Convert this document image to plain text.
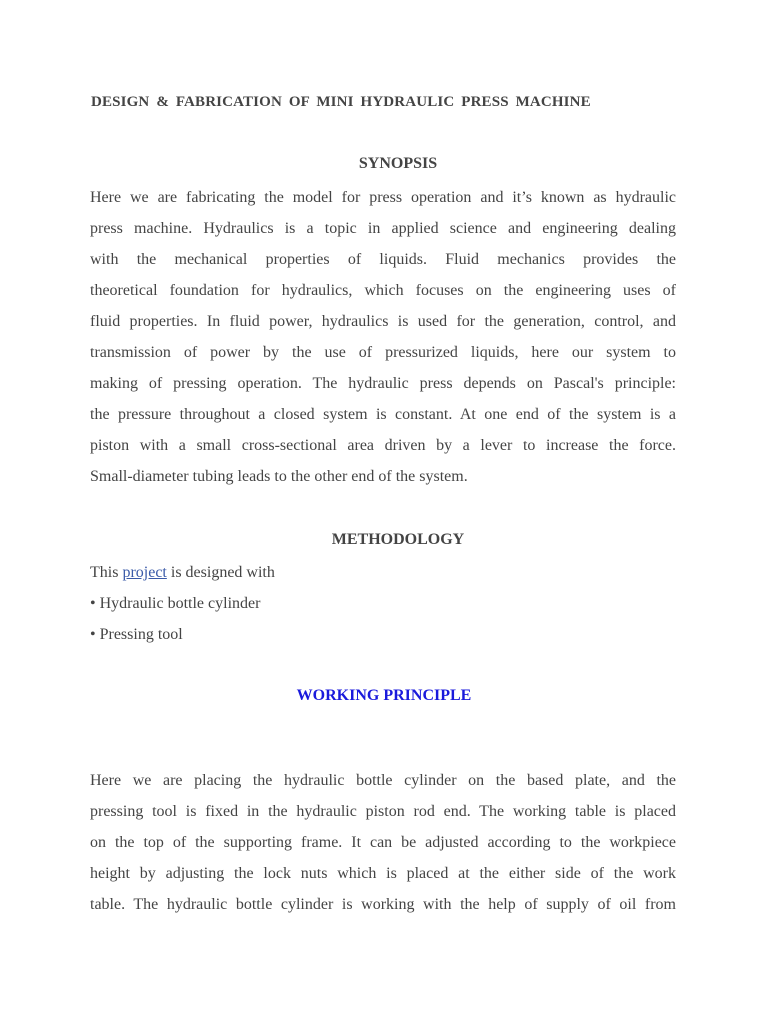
DESIGN & FABRICATION OF MINI HYDRAULIC PRESS MACHINE
SYNOPSIS
Here we are fabricating the model for press operation and it’s known as hydraulic
press machine. Hydraulics is a topic in applied science and engineering dealing
with the mechanical properties of liquids. Fluid mechanics provides the
theoretical foundation for hydraulics, which focuses on the engineering uses of
fluid properties. In fluid power, hydraulics is used for the generation, control, and
transmission of power by the use of pressurized liquids, here our system to
making of pressing operation. The hydraulic press depends on Pascal's principle:
the pressure throughout a closed system is constant. At one end of the system is a
piston with a small cross-sectional area driven by a lever to increase the force.
Small-diameter tubing leads to the other end of the system.
METHODOLOGY
This project is designed with
• Hydraulic bottle cylinder
• Pressing tool
WORKING PRINCIPLE
Here we are placing the hydraulic bottle cylinder on the based plate, and the
pressing tool is fixed in the hydraulic piston rod end. The working table is placed
on the top of the supporting frame. It can be adjusted according to the workpiece
height by adjusting the lock nuts which is placed at the either side of the work
table. The hydraulic bottle cylinder is working with the help of supply of oil from
